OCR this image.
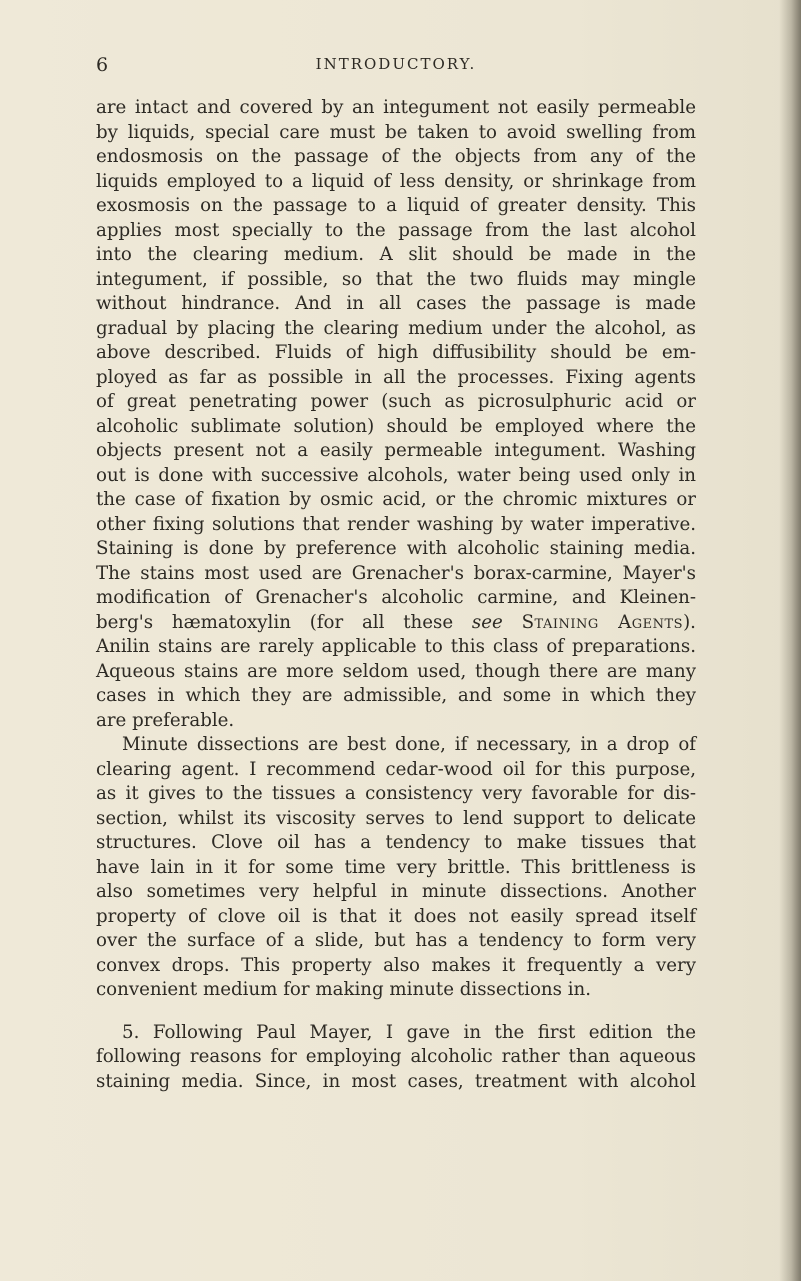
6	INTRODUCTORY.
are intact and covered by an integument not easily permeable
by liquids, special care must be taken to avoid swelling from
endosmosis on the passage of the objects from any of the
liquids employed to a liquid of less density, or shrinkage from
exosmosis on the passage to a liquid of greater density. This
applies most specially to the passage from the last alcohol
into the clearing medium. A slit should be made in the
integument, if possible, so that the two fluids may mingle
without hindrance. And in all cases the passage is made
gradual by placing the clearing medium under the alcohol, as
above described. Fluids of high diffusibility should be em-
ployed as far as possible in all the processes. Fixing agents
of great penetrating power (such as picrosulphuric acid or
alcoholic sublimate solution) should be employed where the
objects present not a easily permeable integument. Washing
out is done with successive alcohols, water being used only in
the case of fixation by osmic acid, or the chromic mixtures or
other fixing solutions that render washing by water imperative.
Staining is done by preference with alcoholic staining media.
The stains most used are Grenacher's borax-carmine, Mayer's
modification of Grenacher's alcoholic carmine, and Kleinen-
berg's hæmatoxylin (for all these see Staining Agents).
Anilin stains are rarely applicable to this class of preparations.
Aqueous stains are more seldom used, though there are many
cases in which they are admissible, and some in which they
are preferable.
Minute dissections are best done, if necessary, in a drop of
clearing agent. I recommend cedar-wood oil for this purpose,
as it gives to the tissues a consistency very favorable for dis-
section, whilst its viscosity serves to lend support to delicate
structures. Clove oil has a tendency to make tissues that
have lain in it for some time very brittle. This brittleness is
also sometimes very helpful in minute dissections. Another
property of clove oil is that it does not easily spread itself
over the surface of a slide, but has a tendency to form very
convex drops. This property also makes it frequently a very
convenient medium for making minute dissections in.
5. Following Paul Mayer, I gave in the first edition the
following reasons for employing alcoholic rather than aqueous
staining media. Since, in most cases, treatment with alcohol
